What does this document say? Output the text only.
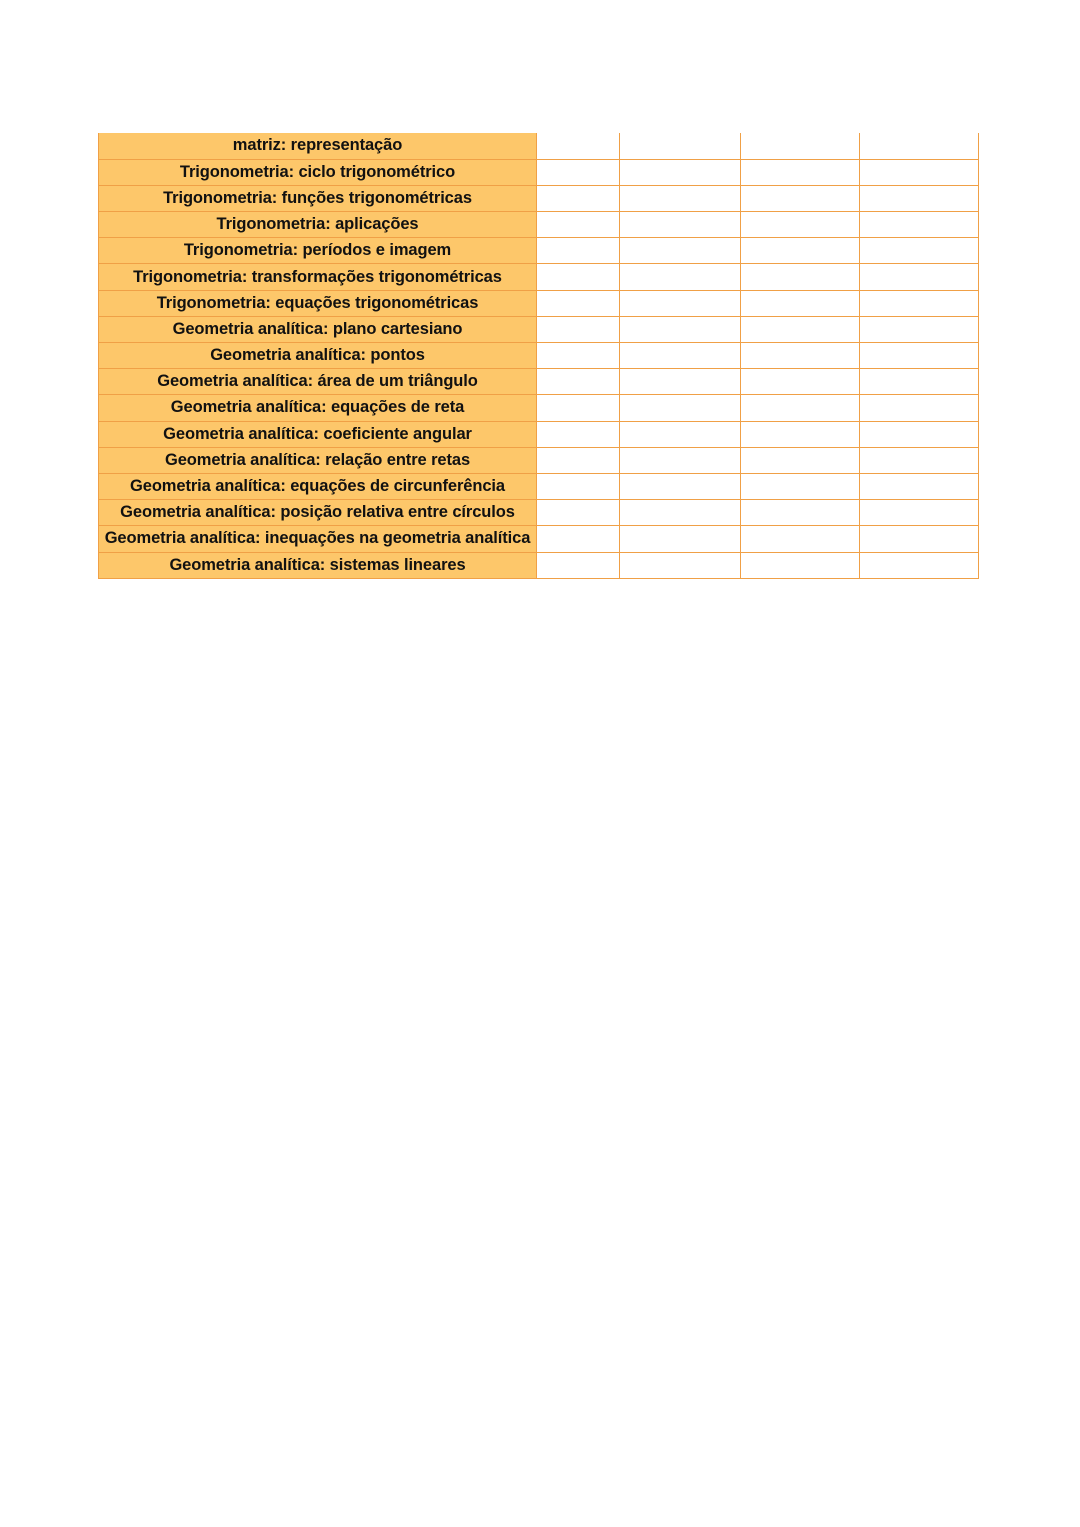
matriz: representação				
Trigonometria: ciclo trigonométrico				
Trigonometria: funções trigonométricas				
Trigonometria: aplicações				
Trigonometria: períodos e imagem				
Trigonometria: transformações trigonométricas				
Trigonometria: equações trigonométricas				
Geometria analítica: plano cartesiano				
Geometria analítica: pontos				
Geometria analítica: área de um triângulo				
Geometria analítica: equações de reta				
Geometria analítica: coeficiente angular				
Geometria analítica: relação entre retas				
Geometria analítica: equações de circunferência				
Geometria analítica: posição relativa entre círculos				
Geometria analítica: inequações na geometria analítica				
Geometria analítica: sistemas lineares				
